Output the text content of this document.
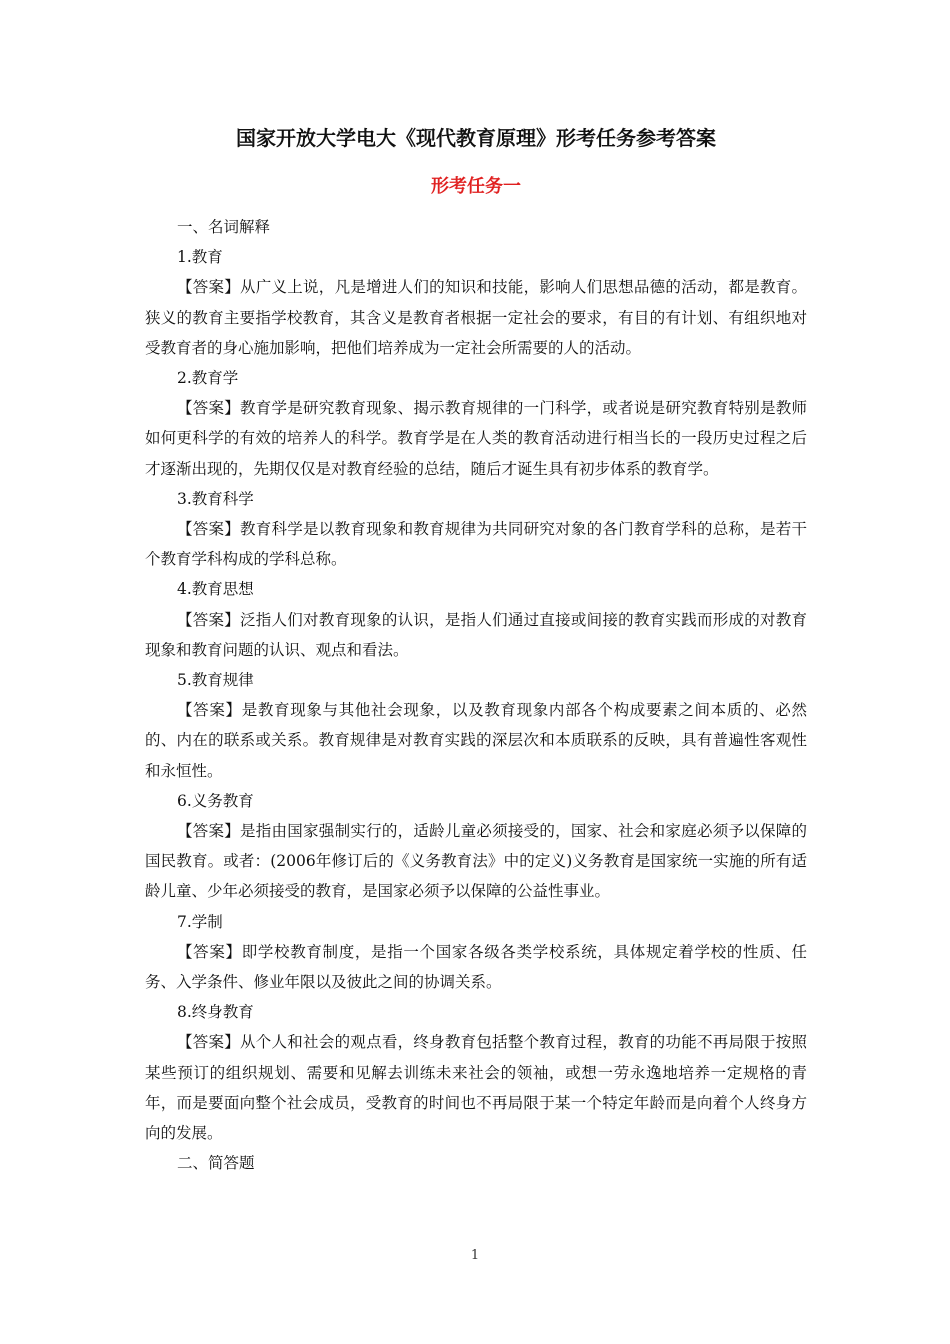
国家开放大学电大《现代教育原理》形考任务参考答案
形考任务一

一、名词解释

1.教育

【答案】从广义上说，凡是增进人们的知识和技能，影响人们思想品德的活动，都是教育。狭义的教育主要指学校教育，其含义是教育者根据一定社会的要求，有目的有计划、有组织地对受教育者的身心施加影响，把他们培养成为一定社会所需要的人的活动。

2.教育学

【答案】教育学是研究教育现象、揭示教育规律的一门科学，或者说是研究教育特别是教师如何更科学的有效的培养人的科学。教育学是在人类的教育活动进行相当长的一段历史过程之后才逐渐出现的，先期仅仅是对教育经验的总结，随后才诞生具有初步体系的教育学。

3.教育科学

【答案】教育科学是以教育现象和教育规律为共同研究对象的各门教育学科的总称，是若干个教育学科构成的学科总称。

4.教育思想

【答案】泛指人们对教育现象的认识，是指人们通过直接或间接的教育实践而形成的对教育现象和教育问题的认识、观点和看法。

5.教育规律

【答案】是教育现象与其他社会现象，以及教育现象内部各个构成要素之间本质的、必然的、内在的联系或关系。教育规律是对教育实践的深层次和本质联系的反映，具有普遍性客观性和永恒性。

6.义务教育

【答案】是指由国家强制实行的，适龄儿童必须接受的，国家、社会和家庭必须予以保障的国民教育。或者：(2006年修订后的《义务教育法》中的定义)义务教育是国家统一实施的所有适龄儿童、少年必须接受的教育，是国家必须予以保障的公益性事业。

7.学制

【答案】即学校教育制度，是指一个国家各级各类学校系统，具体规定着学校的性质、任务、入学条件、修业年限以及彼此之间的协调关系。

8.终身教育

【答案】从个人和社会的观点看，终身教育包括整个教育过程，教育的功能不再局限于按照某些预订的组织规划、需要和见解去训练未来社会的领袖，或想一劳永逸地培养一定规格的青年，而是要面向整个社会成员，受教育的时间也不再局限于某一个特定年龄而是向着个人终身方向的发展。

二、简答题

1
